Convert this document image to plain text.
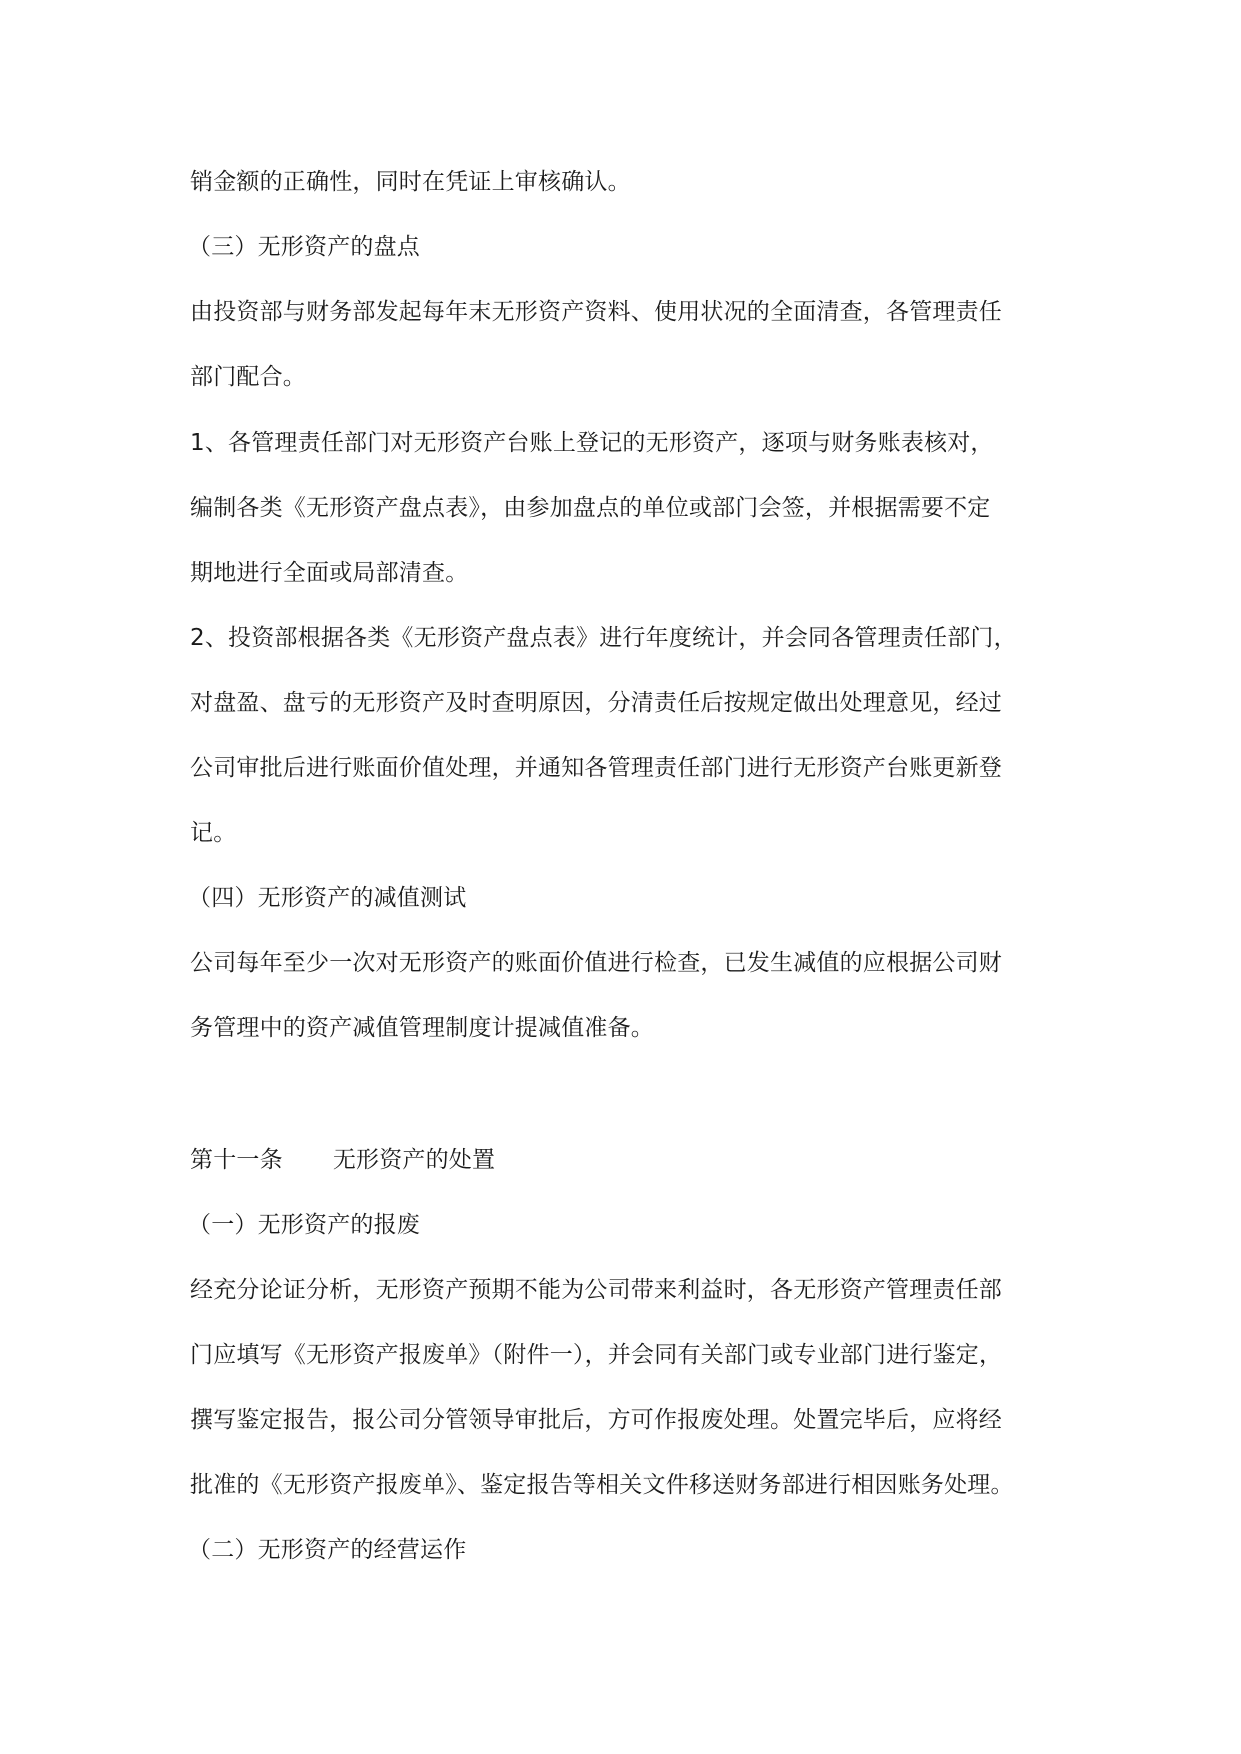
销金额的正确性，同时在凭证上审核确认。
（三）无形资产的盘点
由投资部与财务部发起每年末无形资产资料、使用状况的全面清查，各管理责任
部门配合。
1、各管理责任部门对无形资产台账上登记的无形资产，逐项与财务账表核对，
编制各类《无形资产盘点表》，由参加盘点的单位或部门会签，并根据需要不定
期地进行全面或局部清查。
2、投资部根据各类《无形资产盘点表》进行年度统计，并会同各管理责任部门，
对盘盈、盘亏的无形资产及时查明原因，分清责任后按规定做出处理意见，经过
公司审批后进行账面价值处理，并通知各管理责任部门进行无形资产台账更新登
记。
（四）无形资产的减值测试
公司每年至少一次对无形资产的账面价值进行检查，已发生减值的应根据公司财
务管理中的资产减值管理制度计提减值准备。
第十一条 无形资产的处置
（一）无形资产的报废
经充分论证分析，无形资产预期不能为公司带来利益时，各无形资产管理责任部
门应填写《无形资产报废单》（附件一），并会同有关部门或专业部门进行鉴定，
撰写鉴定报告，报公司分管领导审批后，方可作报废处理。处置完毕后，应将经
批准的《无形资产报废单》、鉴定报告等相关文件移送财务部进行相因账务处理。
（二）无形资产的经营运作
